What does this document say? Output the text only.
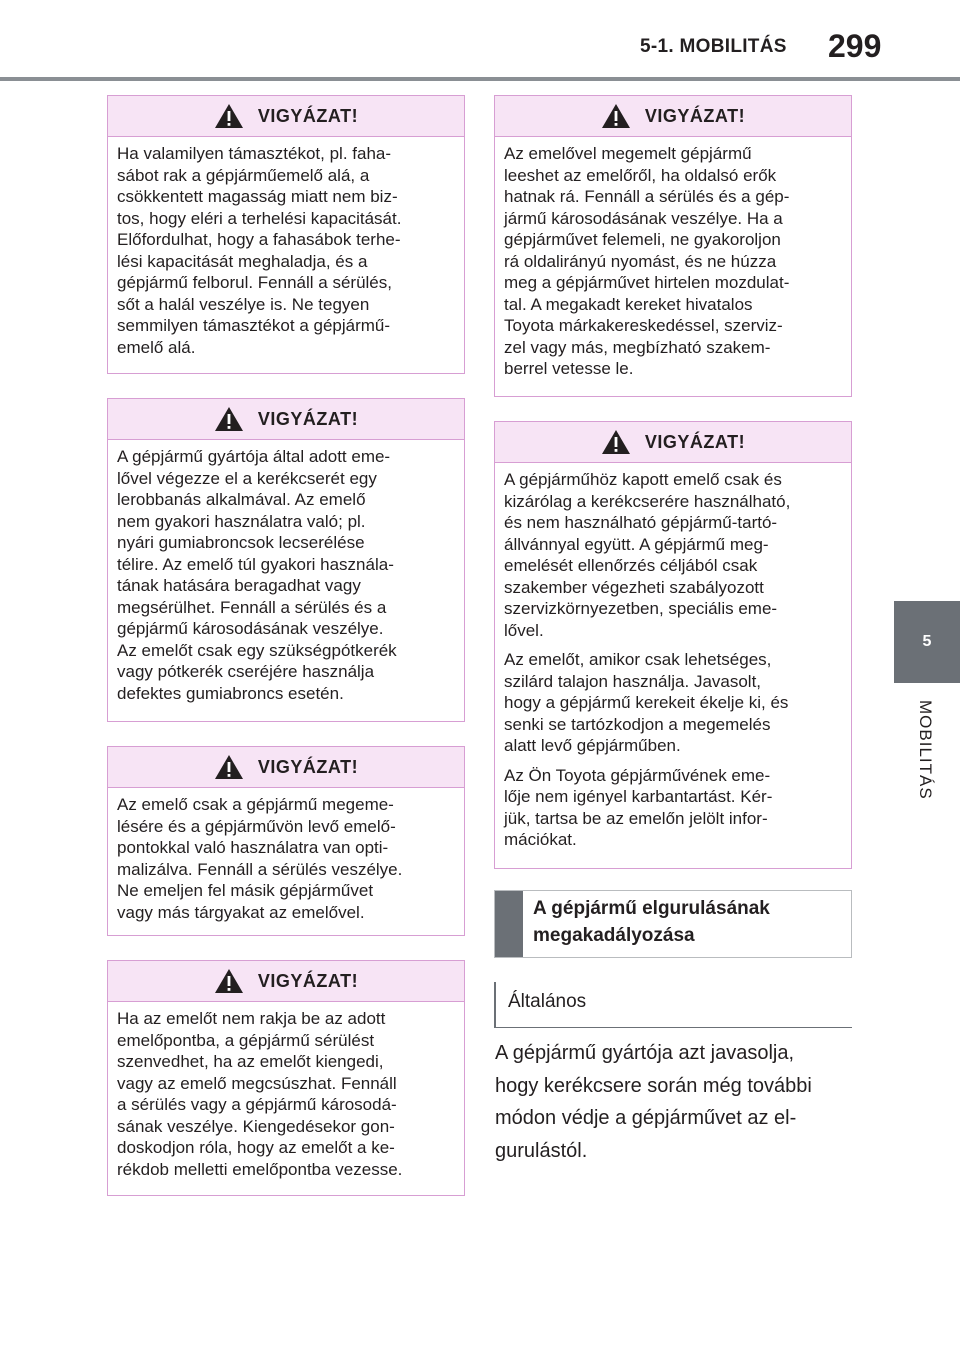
5-1. MOBILITÁS 299
5
MOBILITÁS
VIGYÁZAT!

Ha valamilyen támasztékot, pl. faha-
sábot rak a gépjárműemelő alá, a
csökkentett magasság miatt nem biz-
tos, hogy eléri a terhelési kapacitását.
Előfordulhat, hogy a fahasábok terhe-
lési kapacitását meghaladja, és a
gépjármű felborul. Fennáll a sérülés,
sőt a halál veszélye is. Ne tegyen
semmilyen támasztékot a gépjármű-
emelő alá.

VIGYÁZAT!

A gépjármű gyártója által adott eme-
lővel végezze el a kerékcserét egy
lerobbanás alkalmával. Az emelő
nem gyakori használatra való; pl.
nyári gumiabroncsok lecserélése
télire. Az emelő túl gyakori használa-
tának hatására beragadhat vagy
megsérülhet. Fennáll a sérülés és a
gépjármű károsodásának veszélye.
Az emelőt csak egy szükségpótkerék
vagy pótkerék cseréjére használja
defektes gumiabroncs esetén.

VIGYÁZAT!

Az emelő csak a gépjármű megeme-
lésére és a gépjárművön levő emelő-
pontokkal való használatra van opti-
malizálva. Fennáll a sérülés veszélye.
Ne emeljen fel másik gépjárművet
vagy más tárgyakat az emelővel.

VIGYÁZAT!

Ha az emelőt nem rakja be az adott
emelőpontba, a gépjármű sérülést
szenvedhet, ha az emelőt kiengedi,
vagy az emelő megcsúszhat. Fennáll
a sérülés vagy a gépjármű károsodá-
sának veszélye. Kiengedésekor gon-
doskodjon róla, hogy az emelőt a ke-
rékdob melletti emelőpontba vezesse.

VIGYÁZAT!

Az emelővel megemelt gépjármű
leeshet az emelőről, ha oldalsó erők
hatnak rá. Fennáll a sérülés és a gép-
jármű károsodásának veszélye. Ha a
gépjárművet felemeli, ne gyakoroljon
rá oldalirányú nyomást, és ne húzza
meg a gépjárművet hirtelen mozdulat-
tal. A megakadt kereket hivatalos
Toyota márkakereskedéssel, szerviz-
zel vagy más, megbízható szakem-
berrel vetesse le.

VIGYÁZAT!

A gépjárműhöz kapott emelő csak és
kizárólag a kerékcserére használható,
és nem használható gépjármű-tartó-
állvánnyal együtt. A gépjármű meg-
emelését ellenőrzés céljából csak
szakember végezheti szabályozott
szervizkörnyezetben, speciális eme-
lővel.

Az emelőt, amikor csak lehetséges,
szilárd talajon használja. Javasolt,
hogy a gépjármű kerekeit ékelje ki, és
senki se tartózkodjon a megemelés
alatt levő gépjárműben.

Az Ön Toyota gépjárművének eme-
lője nem igényel karbantartást. Kér-
jük, tartsa be az emelőn jelölt infor-
mációkat.

A gépjármű elgurulásának
megakadályozása
Általános
A gépjármű gyártója azt javasolja,
hogy kerékcsere során még további
módon védje a gépjárművet az el-
gurulástól.
